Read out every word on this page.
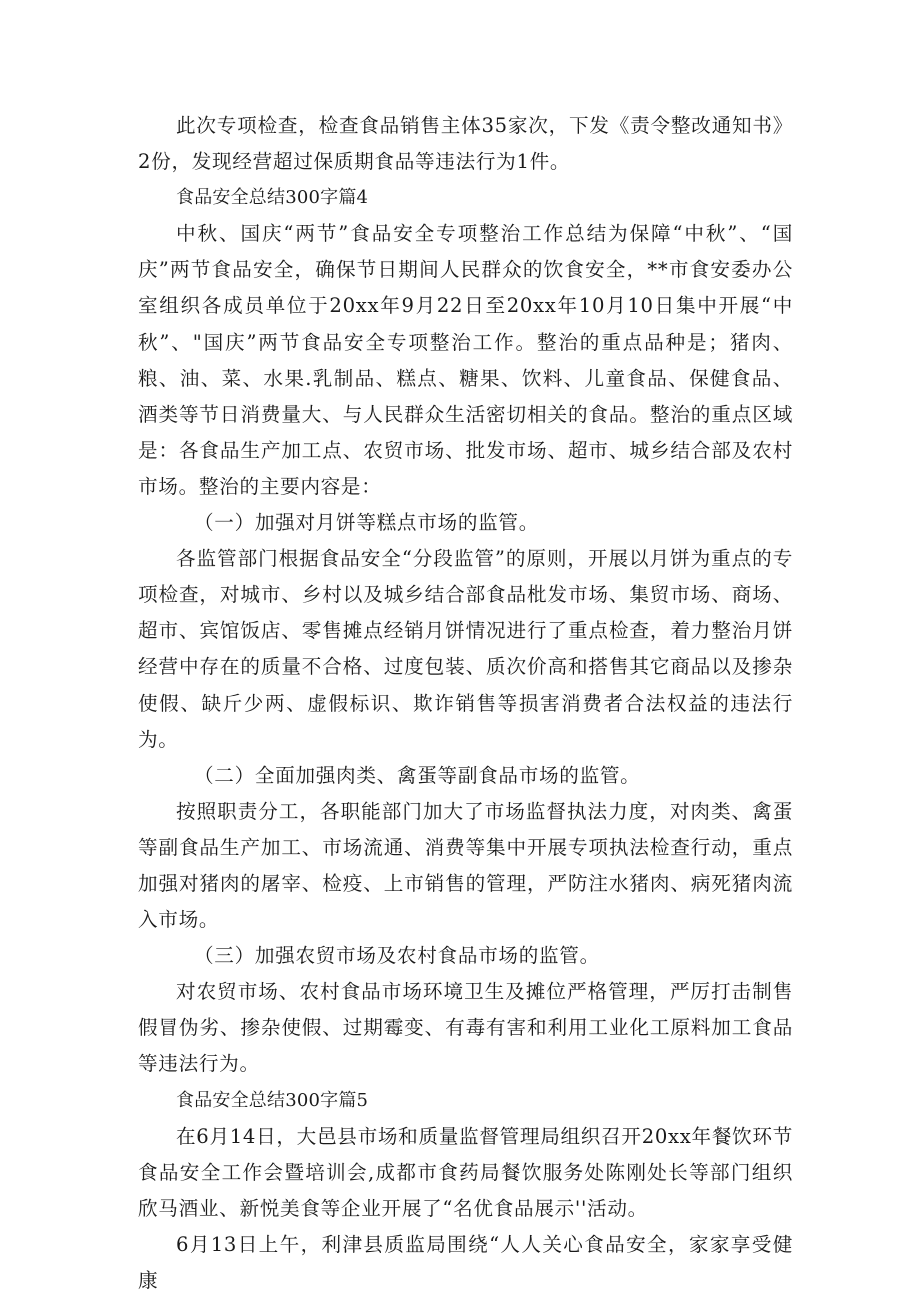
此次专项检查，检查食品销售主体35家次，下发《责令整改通知书》2份，发现经营超过保质期食品等违法行为1件。

食品安全总结300字篇4

中秋、国庆“两节”食品安全专项整治工作总结为保障“中秋”、“国庆”两节食品安全，确保节日期间人民群众的饮食安全，**市食安委办公室组织各成员单位于20xx年9月22日至20xx年10月10日集中开展“中秋”、"国庆”两节食品安全专项整治工作。整治的重点品种是；猪肉、粮、油、菜、水果.乳制品、糕点、糖果、饮料、儿童食品、保健食品、酒类等节日消费量大、与人民群众生活密切相关的食品。整治的重点区域是：各食品生产加工点、农贸市场、批发市场、超市、城乡结合部及农村市场。整治的主要内容是：

（一）加强对月饼等糕点市场的监管。

各监管部门根据食品安全“分段监管”的原则，开展以月饼为重点的专项检查，对城市、乡村以及城乡结合部食品枇发市场、集贸市场、商场、超市、宾馆饭店、零售摊点经销月饼情况进行了重点检查，着力整治月饼经营中存在的质量不合格、过度包装、质次价高和搭售其它商品以及掺杂使假、缺斤少两、虚假标识、欺诈销售等损害消费者合法权益的违法行为。

（二）全面加强肉类、禽蛋等副食品市场的监管。

按照职责分工，各职能部门加大了市场监督执法力度，对肉类、禽蛋等副食品生产加工、市场流通、消费等集中开展专项执法检查行动，重点加强对猪肉的屠宰、检疫、上市销售的管理，严防注水猪肉、病死猪肉流入市场。

（三）加强农贸市场及农村食品市场的监管。

对农贸市场、农村食品市场环境卫生及摊位严格管理，严厉打击制售假冒伪劣、掺杂使假、过期霉变、有毒有害和利用工业化工原料加工食品等违法行为。

食品安全总结300字篇5

在6月14日，大邑县市场和质量监督管理局组织召开20xx年餐饮环节食品安全工作会暨培训会,成都市食药局餐饮服务处陈刚处长等部门组织欣马酒业、新悦美食等企业开展了“名优食品展示''活动。

6月13日上午，利津县质监局围绕“人人关心食品安全，家家享受健康
